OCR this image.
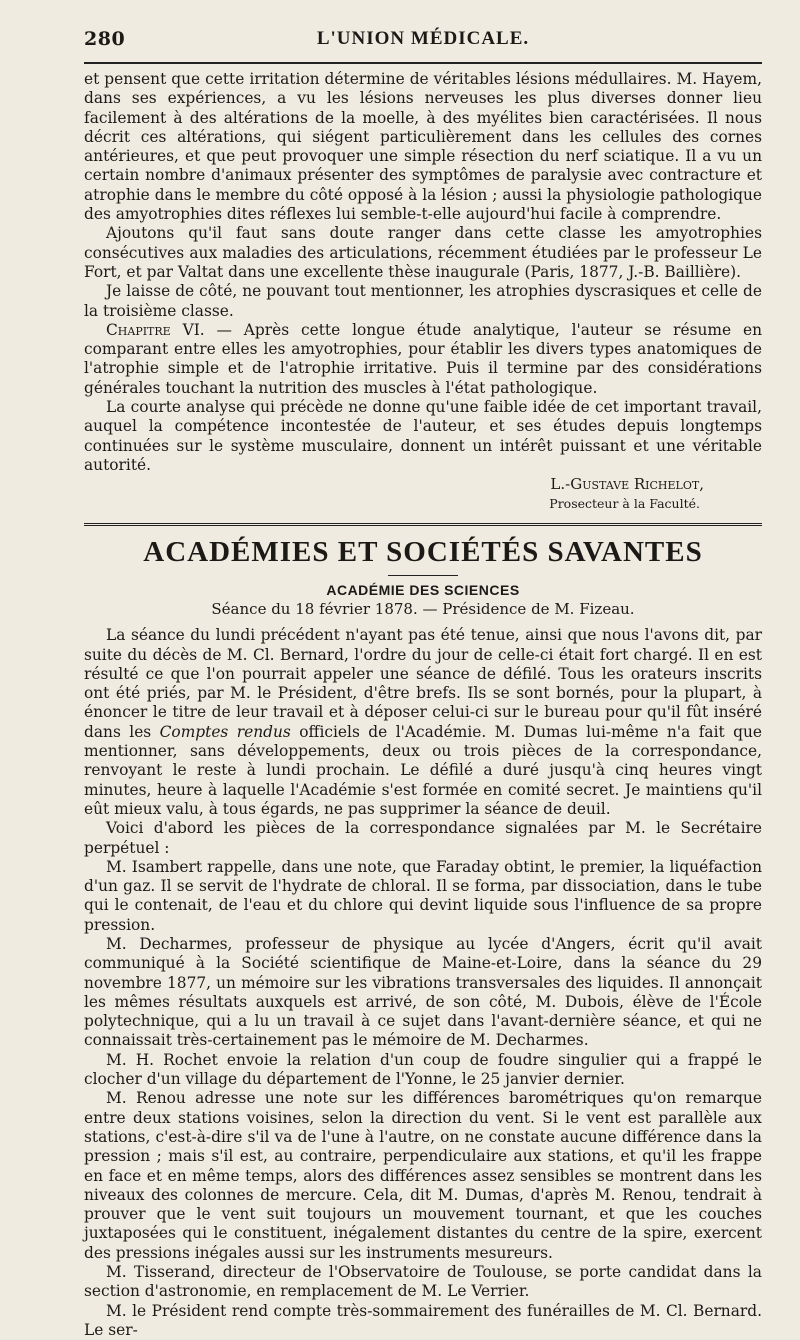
280	L'UNION MÉDICALE.

et pensent que cette irritation détermine de véritables lésions médullaires. M. Hayem, dans ses expériences, a vu les lésions nerveuses les plus diverses donner lieu facilement à des altérations de la moelle, à des myélites bien caractérisées. Il nous décrit ces altérations, qui siégent particulièrement dans les cellules des cornes antérieures, et que peut provoquer une simple résection du nerf sciatique. Il a vu un certain nombre d'animaux présenter des symptômes de paralysie avec contracture et atrophie dans le membre du côté opposé à la lésion ; aussi la physiologie pathologique des amyotrophies dites réflexes lui semble-t-elle aujourd'hui facile à comprendre.

Ajoutons qu'il faut sans doute ranger dans cette classe les amyotrophies consécutives aux maladies des articulations, récemment étudiées par le professeur Le Fort, et par Valtat dans une excellente thèse inaugurale (Paris, 1877, J.-B. Baillière).

Je laisse de côté, ne pouvant tout mentionner, les atrophies dyscrasiques et celle de la troisième classe.

Chapitre VI. — Après cette longue étude analytique, l'auteur se résume en comparant entre elles les amyotrophies, pour établir les divers types anatomiques de l'atrophie simple et de l'atrophie irritative. Puis il termine par des considérations générales touchant la nutrition des muscles à l'état pathologique.

La courte analyse qui précède ne donne qu'une faible idée de cet important travail, auquel la compétence incontestée de l'auteur, et ses études depuis longtemps continuées sur le système musculaire, donnent un intérêt puissant et une véritable autorité.

L.-Gustave Richelot,
Prosecteur à la Faculté.
ACADÉMIES ET SOCIÉTÉS SAVANTES
ACADÉMIE DES SCIENCES
Séance du 18 février 1878. — Présidence de M. Fizeau.

La séance du lundi précédent n'ayant pas été tenue, ainsi que nous l'avons dit, par suite du décès de M. Cl. Bernard, l'ordre du jour de celle-ci était fort chargé. Il en est résulté ce que l'on pourrait appeler une séance de défilé. Tous les orateurs inscrits ont été priés, par M. le Président, d'être brefs. Ils se sont bornés, pour la plupart, à énoncer le titre de leur travail et à déposer celui-ci sur le bureau pour qu'il fût inséré dans les Comptes rendus officiels de l'Académie. M. Dumas lui-même n'a fait que mentionner, sans développements, deux ou trois pièces de la correspondance, renvoyant le reste à lundi prochain. Le défilé a duré jusqu'à cinq heures vingt minutes, heure à laquelle l'Académie s'est formée en comité secret. Je maintiens qu'il eût mieux valu, à tous égards, ne pas supprimer la séance de deuil.

Voici d'abord les pièces de la correspondance signalées par M. le Secrétaire perpétuel :

M. Isambert rappelle, dans une note, que Faraday obtint, le premier, la liquéfaction d'un gaz. Il se servit de l'hydrate de chloral. Il se forma, par dissociation, dans le tube qui le contenait, de l'eau et du chlore qui devint liquide sous l'influence de sa propre pression.

M. Decharmes, professeur de physique au lycée d'Angers, écrit qu'il avait communiqué à la Société scientifique de Maine-et-Loire, dans la séance du 29 novembre 1877, un mémoire sur les vibrations transversales des liquides. Il annonçait les mêmes résultats auxquels est arrivé, de son côté, M. Dubois, élève de l'École polytechnique, qui a lu un travail à ce sujet dans l'avant-dernière séance, et qui ne connaissait très-certainement pas le mémoire de M. Decharmes.

M. H. Rochet envoie la relation d'un coup de foudre singulier qui a frappé le clocher d'un village du département de l'Yonne, le 25 janvier dernier.

M. Renou adresse une note sur les différences barométriques qu'on remarque entre deux stations voisines, selon la direction du vent. Si le vent est parallèle aux stations, c'est-à-dire s'il va de l'une à l'autre, on ne constate aucune différence dans la pression ; mais s'il est, au contraire, perpendiculaire aux stations, et qu'il les frappe en face et en même temps, alors des différences assez sensibles se montrent dans les niveaux des colonnes de mercure. Cela, dit M. Dumas, d'après M. Renou, tendrait à prouver que le vent suit toujours un mouvement tournant, et que les couches juxtaposées qui le constituent, inégalement distantes du centre de la spire, exercent des pressions inégales aussi sur les instruments mesureurs.

M. Tisserand, directeur de l'Observatoire de Toulouse, se porte candidat dans la section d'astronomie, en remplacement de M. Le Verrier.

M. le Président rend compte très-sommairement des funérailles de M. Cl. Bernard. Le ser-
